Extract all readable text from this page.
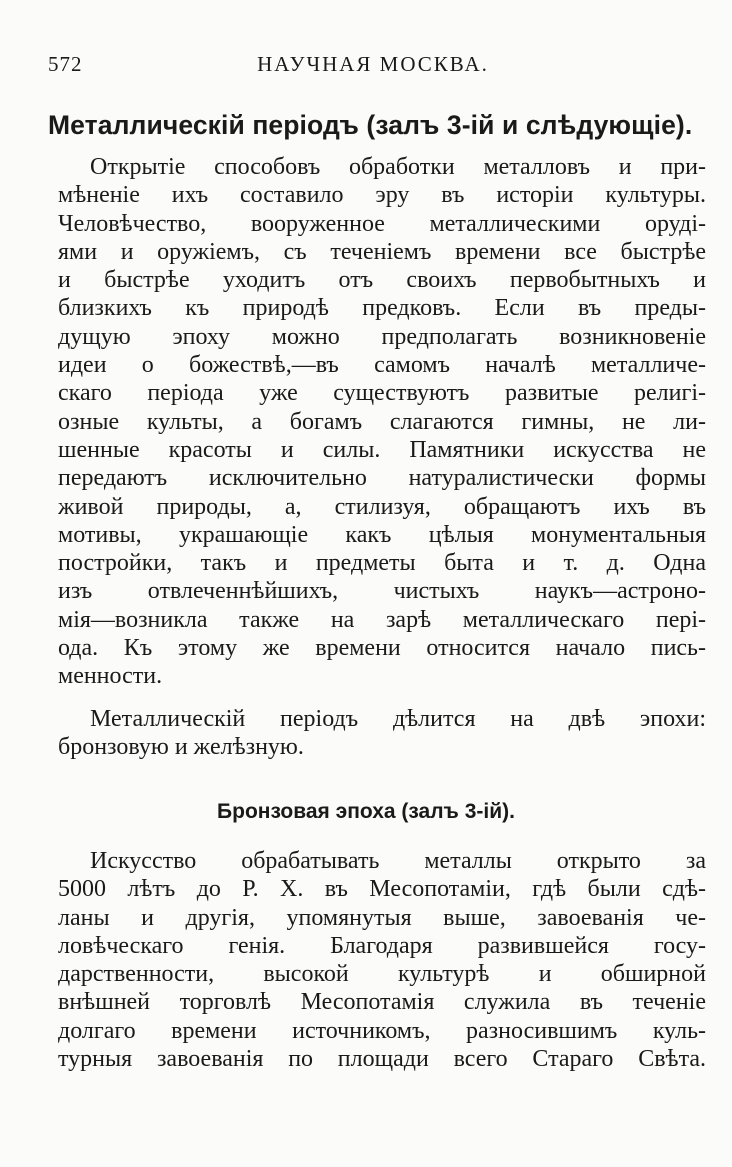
572	НАУЧНАЯ МОСКВА.
Металлическій періодъ (залъ 3-ій и слѣдующіе).
Открытіе способовъ обработки металловъ и при-
мѣненіе ихъ составило эру въ исторіи культуры.
Человѣчество, вооруженное металлическими орудi-
ями и оружіемъ, съ теченіемъ времени все быстрѣе
и быстрѣе уходитъ отъ своихъ первобытныхъ и
близкихъ къ природѣ предковъ. Если въ преды-
дущую эпоху можно предполагать возникновеніе
идеи о божествѣ,—въ самомъ началѣ металличе-
скаго періода уже существуютъ развитые религі-
озные культы, а богамъ слагаются гимны, не ли-
шенные красоты и силы. Памятники искусства не
передаютъ исключительно натуралистически формы
живой природы, а, стилизуя, обращаютъ ихъ въ
мотивы, украшающіе какъ цѣлыя монументальныя
постройки, такъ и предметы быта и т. д. Одна
изъ отвлеченнѣйшихъ, чистыхъ наукъ—астроно-
мія—возникла также на зарѣ металлическаго пері-
ода. Къ этому же времени относится начало пись-
менности.
Металлическій періодъ дѣлится на двѣ эпохи:
бронзовую и желѣзную.
Бронзовая эпоха (залъ 3-ій).
Искусство обрабатывать металлы открыто за
5000 лѣтъ до Р. Х. въ Месопотаміи, гдѣ были сдѣ-
ланы и другія, упомянутыя выше, завоеванія че-
ловѣческаго генія. Благодаря развившейся госу-
дарственности, высокой культурѣ и обширной
внѣшней торговлѣ Месопотамія служила въ теченіе
долгаго времени источникомъ, разносившимъ куль-
турныя завоеванія по площади всего Стараго Свѣта.
